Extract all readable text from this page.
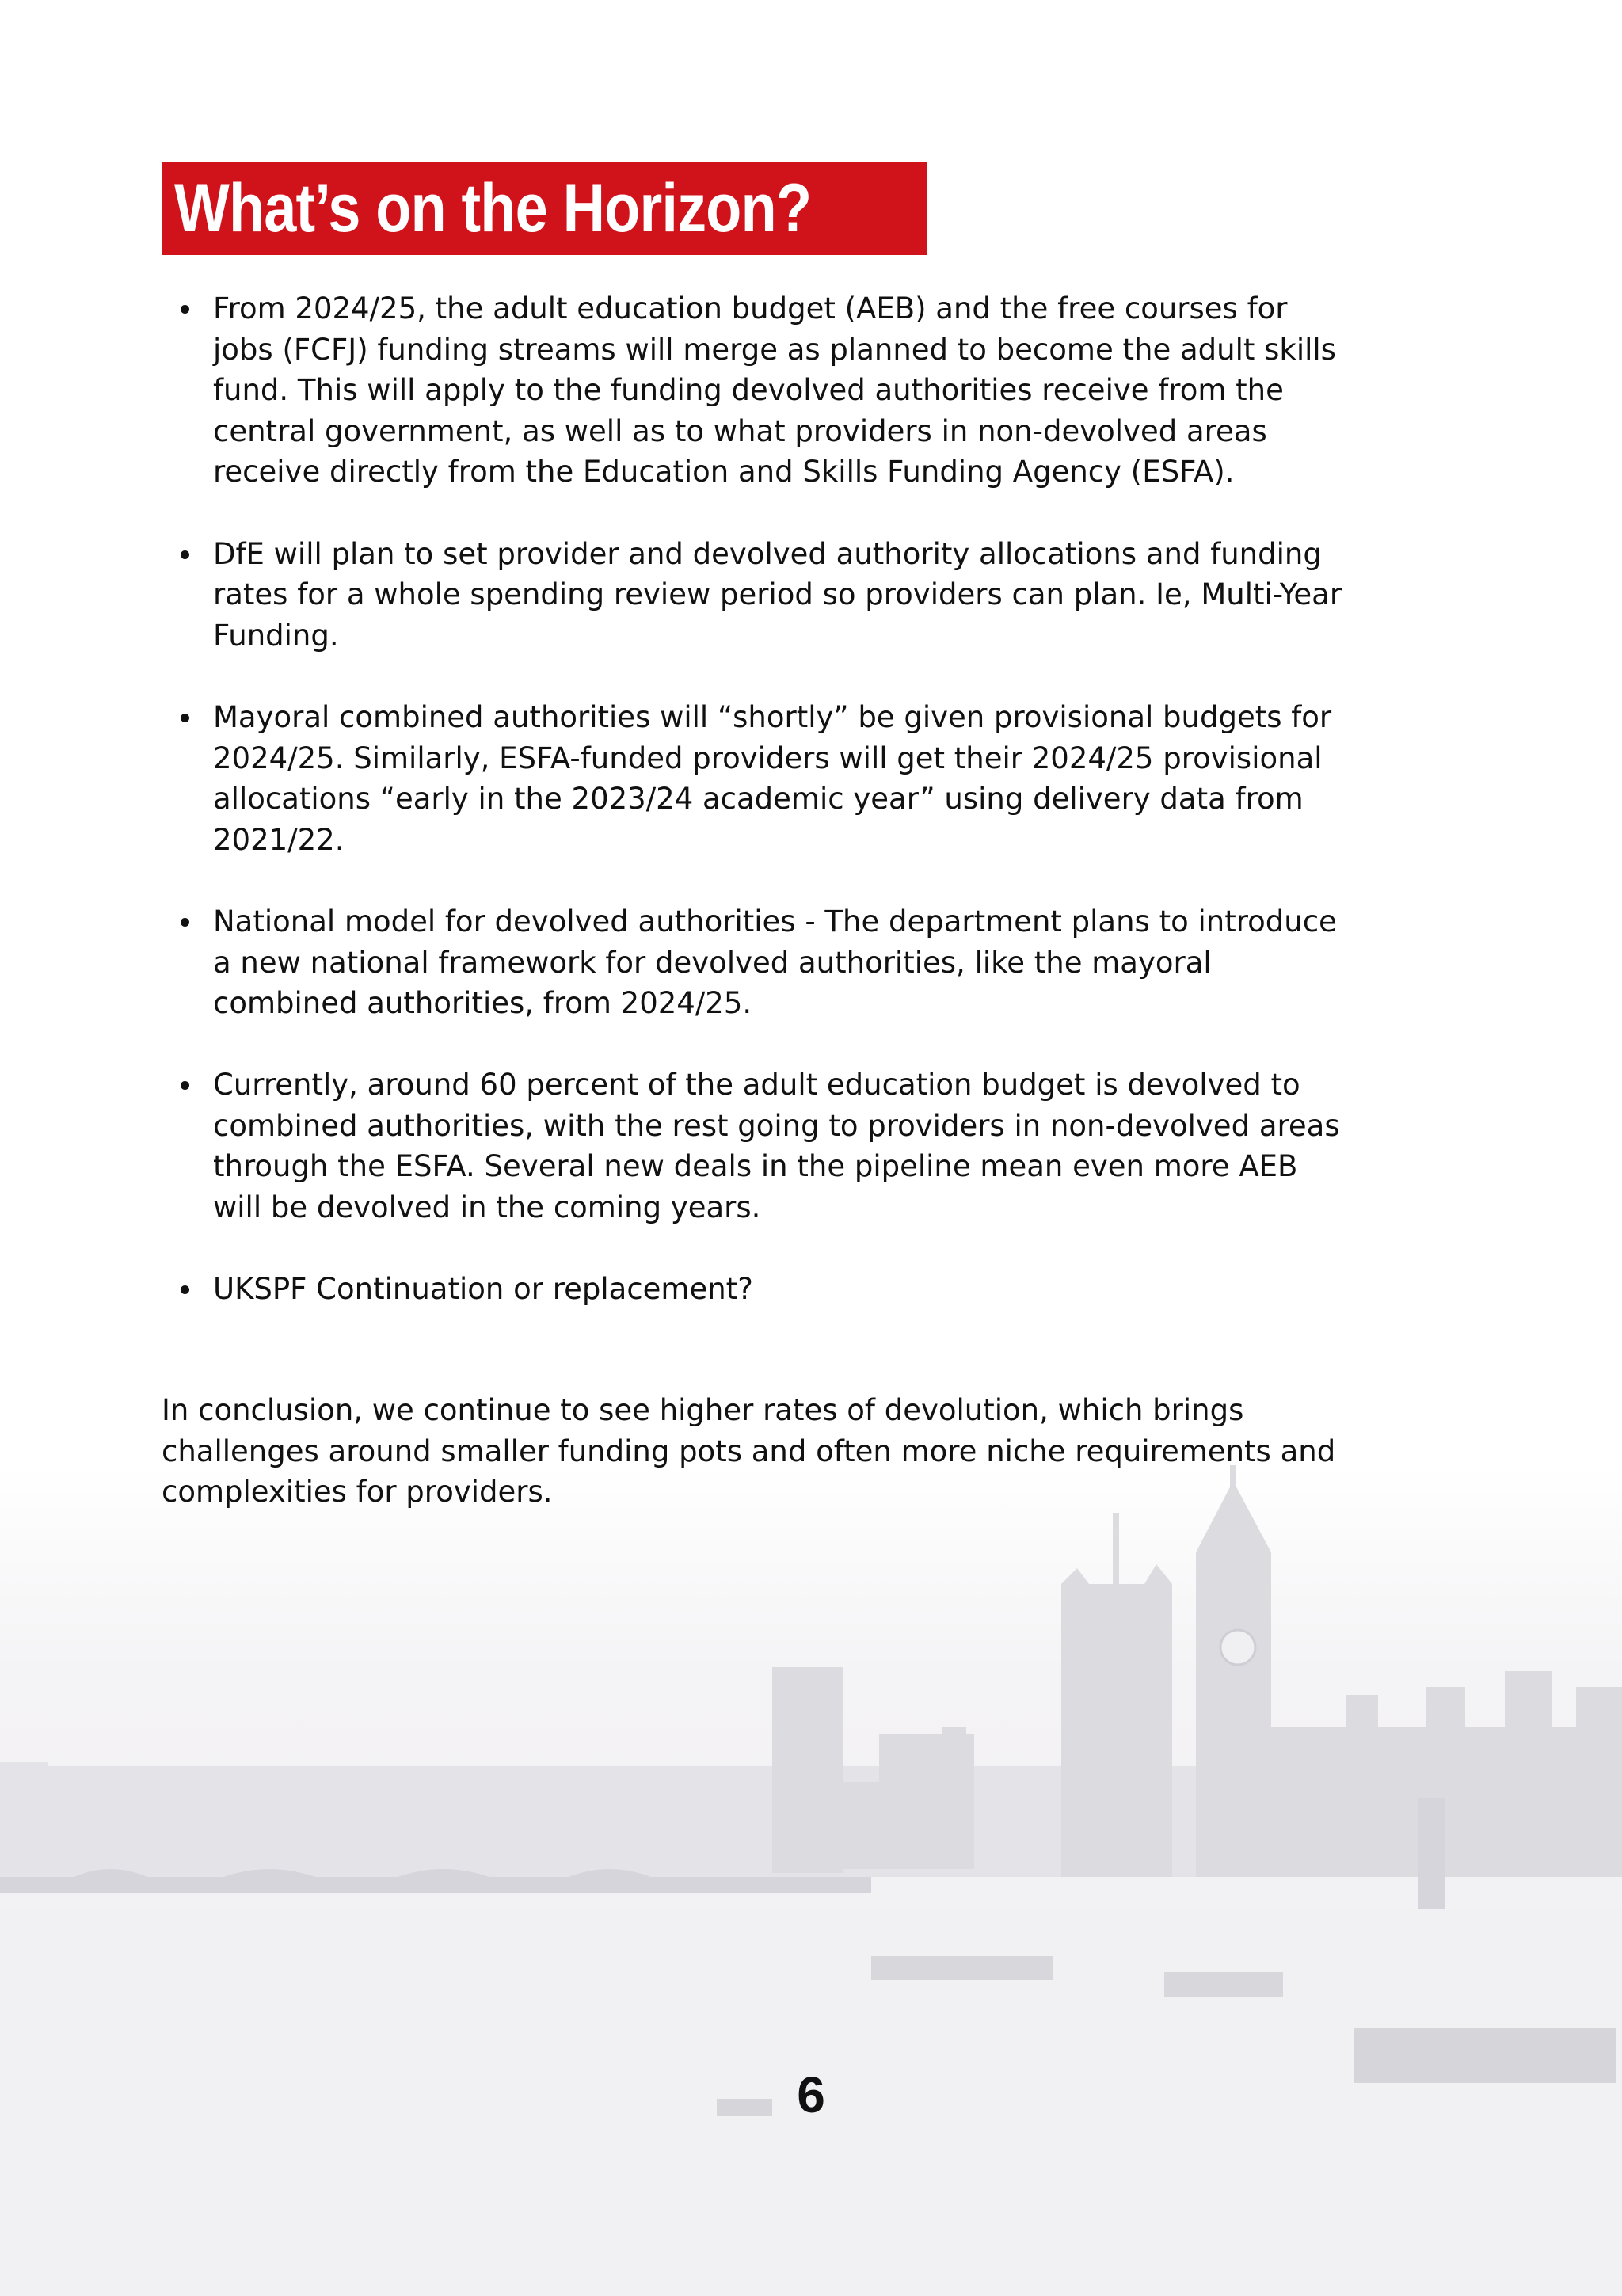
What’s on the Horizon?
From 2024/25, the adult education budget (AEB) and the free courses for jobs (FCFJ) funding streams will merge as planned to become the adult skills fund. This will apply to the funding devolved authorities receive from the central government, as well as to what providers in non-devolved areas receive directly from the Education and Skills Funding Agency (ESFA).
DfE will plan to set provider and devolved authority allocations and funding rates for a whole spending review period so providers can plan. Ie, Multi-Year Funding.
Mayoral combined authorities will “shortly” be given provisional budgets for 2024/25. Similarly, ESFA-funded providers will get their 2024/25 provisional allocations “early in the 2023/24 academic year” using delivery data from 2021/22.
National model for devolved authorities - The department plans to introduce a new national framework for devolved authorities, like the mayoral combined authorities, from 2024/25.
Currently, around 60 percent of the adult education budget is devolved to combined authorities, with the rest going to providers in non-devolved areas through the ESFA. Several new deals in the pipeline mean even more AEB will be devolved in the coming years.
UKSPF Continuation or replacement?

In conclusion, we continue to see higher rates of devolution, which brings challenges around smaller funding pots and often more niche requirements and complexities for providers.

6
